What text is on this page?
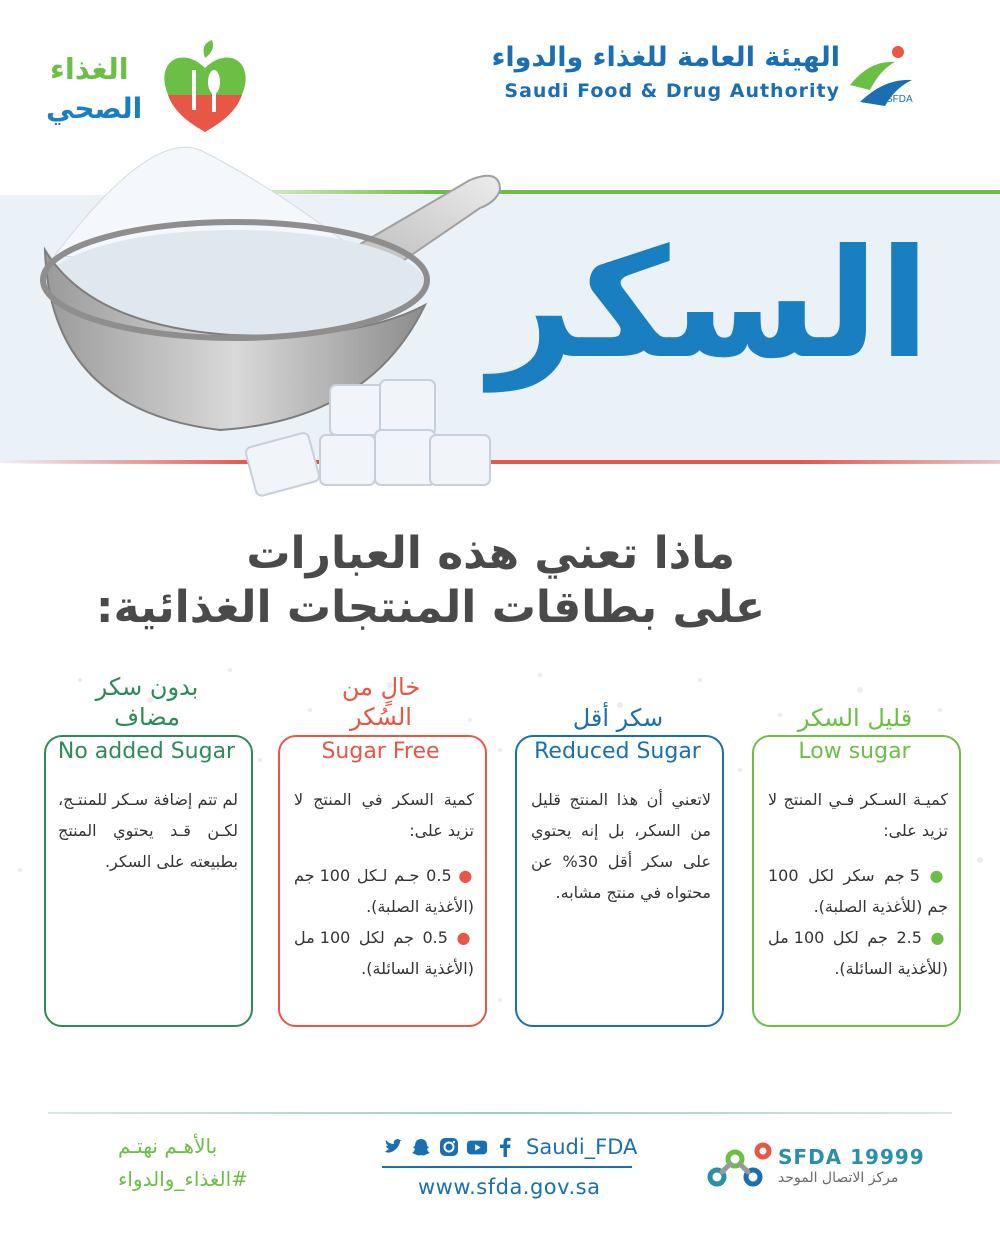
الهيئة العامة للغذاء والدواء
Saudi Food & Drug Authority	SFDA
الغذاء
الصحي
السكر
ماذا تعني هذه العبارات
على بطاقات المنتجات الغذائية:
قليل السكر
Low sugar
كميـة السـكر فـي المنتج لا تزيد على:
● 5 جم سكر لكل 100 جم (للأغذية الصلبة).
● 2.5 جم لكل 100 مل (للأغذية السائلة).
سكر أقل
Reduced Sugar
لاتعني أن هذا المنتج قليل من السكر، بل إنه يحتوي على سكر أقل 30% عن محتواه في منتج مشابه.
خالٍ من
السُكر
Sugar Free
كمية السكر في المنتج لا تزيد على:
● 0.5 جـم لـكل 100 جم (الأغذية الصلبة).
● 0.5 جم لكل 100 مل (الأغذية السائلة).
بدون سكر
مضاف
No added Sugar
لم تتم إضافة سـكر للمنتـج، لكـن قـد يحتوي المنتج بطبيعته على السكر.
بالأهـم نهتـم
#الغذاء_والدواء
Saudi_FDA
www.sfda.gov.sa
SFDA 19999
مركز الاتصال الموحد
